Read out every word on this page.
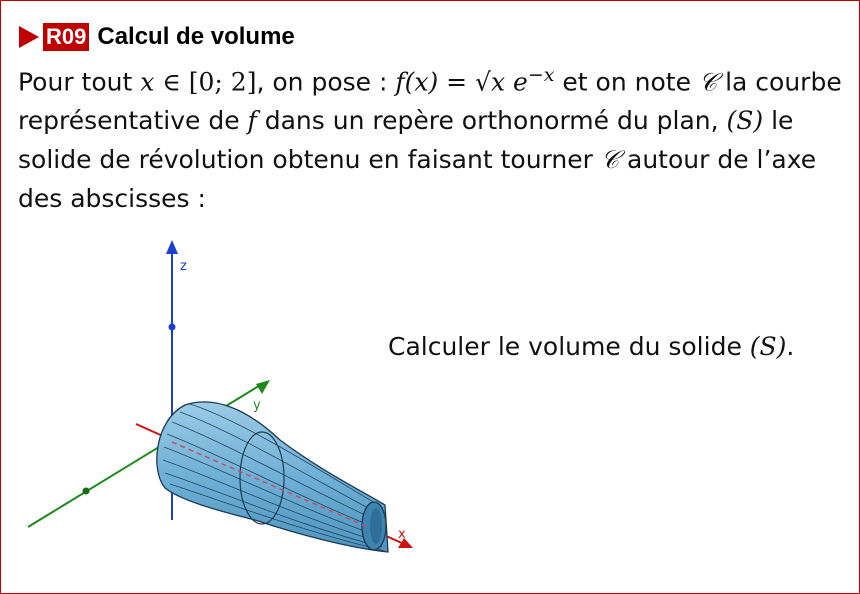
R09 Calcul de volume
Pour tout x ∈ [0; 2], on pose : f(x) = √x $e^{-x}$ et on note 𝒞 la courbe représentative de f dans un repère orthonormé du plan, (S) le solide de révolution obtenu en faisant tourner 𝒞 autour de l’axe des abscisses :
Calculer le volume du solide (S).
z
y
x
